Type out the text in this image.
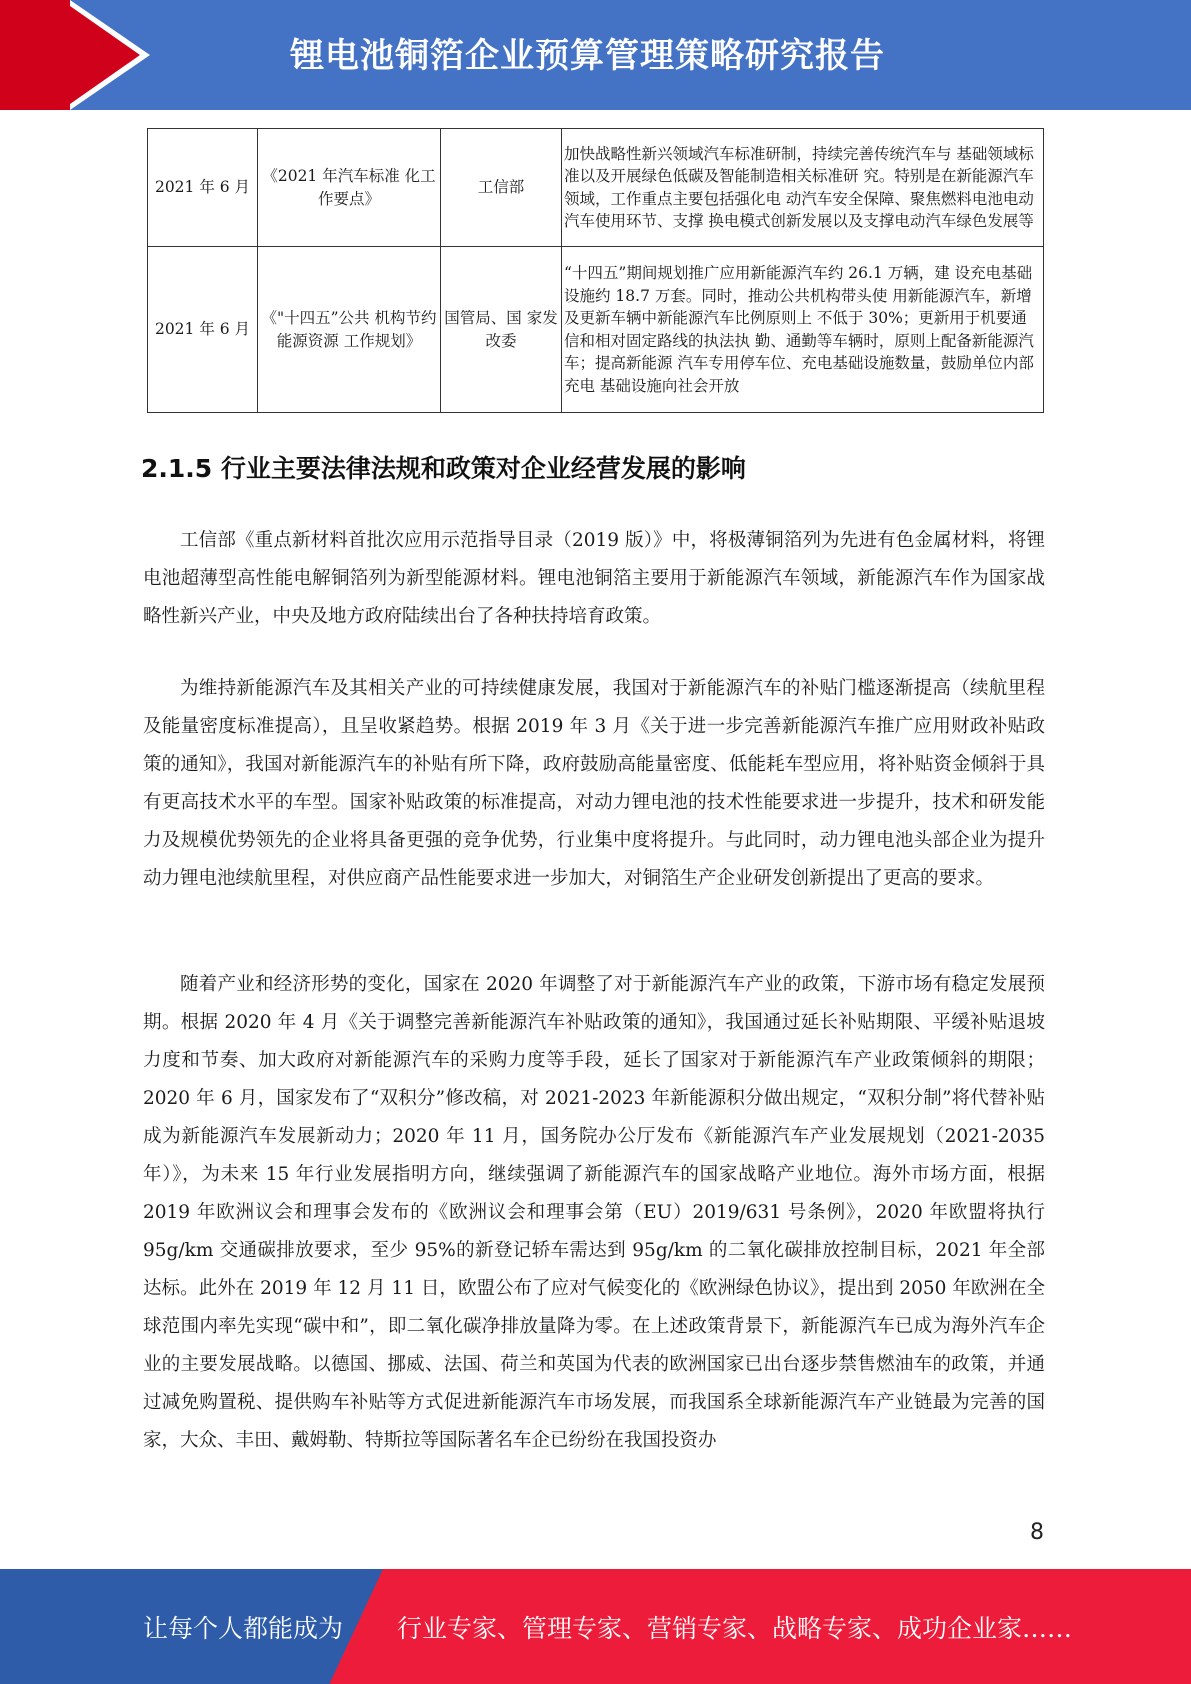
锂电池铜箔企业预算管理策略研究报告
2021 年 6 月	《2021 年汽车标准 化工作要点》	工信部	加快战略性新兴领域汽车标准研制，持续完善传统汽车与 基础领域标准以及开展绿色低碳及智能制造相关标准研 究。特别是在新能源汽车领域，工作重点主要包括强化电 动汽车安全保障、聚焦燃料电池电动汽车使用环节、支撑 换电模式创新发展以及支撑电动汽车绿色发展等
2021 年 6 月	《"十四五”公共 机构节约能源资源 工作规划》	国管局、国 家发改委	“十四五”期间规划推广应用新能源汽车约 26.1 万辆，建 设充电基础设施约 18.7 万套。同时，推动公共机构带头使 用新能源汽车，新增及更新车辆中新能源汽车比例原则上 不低于 30%；更新用于机要通信和相对固定路线的执法执 勤、通勤等车辆时，原则上配备新能源汽车；提高新能源 汽车专用停车位、充电基础设施数量，鼓励单位内部充电 基础设施向社会开放
2.1.5 行业主要法律法规和政策对企业经营发展的影响

工信部《重点新材料首批次应用示范指导目录（2019 版）》中，将极薄铜箔列为先进有色金属材料，将锂电池超薄型高性能电解铜箔列为新型能源材料。锂电池铜箔主要用于新能源汽车领域，新能源汽车作为国家战略性新兴产业，中央及地方政府陆续出台了各种扶持培育政策。

为维持新能源汽车及其相关产业的可持续健康发展，我国对于新能源汽车的补贴门槛逐渐提高（续航里程及能量密度标准提高），且呈收紧趋势。根据 2019 年 3 月《关于进一步完善新能源汽车推广应用财政补贴政策的通知》，我国对新能源汽车的补贴有所下降，政府鼓励高能量密度、低能耗车型应用，将补贴资金倾斜于具有更高技术水平的车型。国家补贴政策的标准提高，对动力锂电池的技术性能要求进一步提升，技术和研发能力及规模优势领先的企业将具备更强的竞争优势，行业集中度将提升。与此同时，动力锂电池头部企业为提升动力锂电池续航里程，对供应商产品性能要求进一步加大，对铜箔生产企业研发创新提出了更高的要求。

随着产业和经济形势的变化，国家在 2020 年调整了对于新能源汽车产业的政策，下游市场有稳定发展预期。根据 2020 年 4 月《关于调整完善新能源汽车补贴政策的通知》，我国通过延长补贴期限、平缓补贴退坡力度和节奏、加大政府对新能源汽车的采购力度等手段，延长了国家对于新能源汽车产业政策倾斜的期限；2020 年 6 月，国家发布了“双积分”修改稿，对 2021-2023 年新能源积分做出规定，“双积分制”将代替补贴成为新能源汽车发展新动力；2020 年 11 月，国务院办公厅发布《新能源汽车产业发展规划（2021-2035 年）》，为未来 15 年行业发展指明方向，继续强调了新能源汽车的国家战略产业地位。海外市场方面，根据 2019 年欧洲议会和理事会发布的《欧洲议会和理事会第（EU）2019/631 号条例》，2020 年欧盟将执行 95g/km 交通碳排放要求，至少 95%的新登记轿车需达到 95g/km 的二氧化碳排放控制目标，2021 年全部达标。此外在 2019 年 12 月 11 日，欧盟公布了应对气候变化的《欧洲绿色协议》，提出到 2050 年欧洲在全球范围内率先实现“碳中和”，即二氧化碳净排放量降为零。在上述政策背景下，新能源汽车已成为海外汽车企业的主要发展战略。以德国、挪威、法国、荷兰和英国为代表的欧洲国家已出台逐步禁售燃油车的政策，并通过减免购置税、提供购车补贴等方式促进新能源汽车市场发展，而我国系全球新能源汽车产业链最为完善的国家，大众、丰田、戴姆勒、特斯拉等国际著名车企已纷纷在我国投资办

8
让每个人都能成为 行业专家、管理专家、营销专家、战略专家、成功企业家……
